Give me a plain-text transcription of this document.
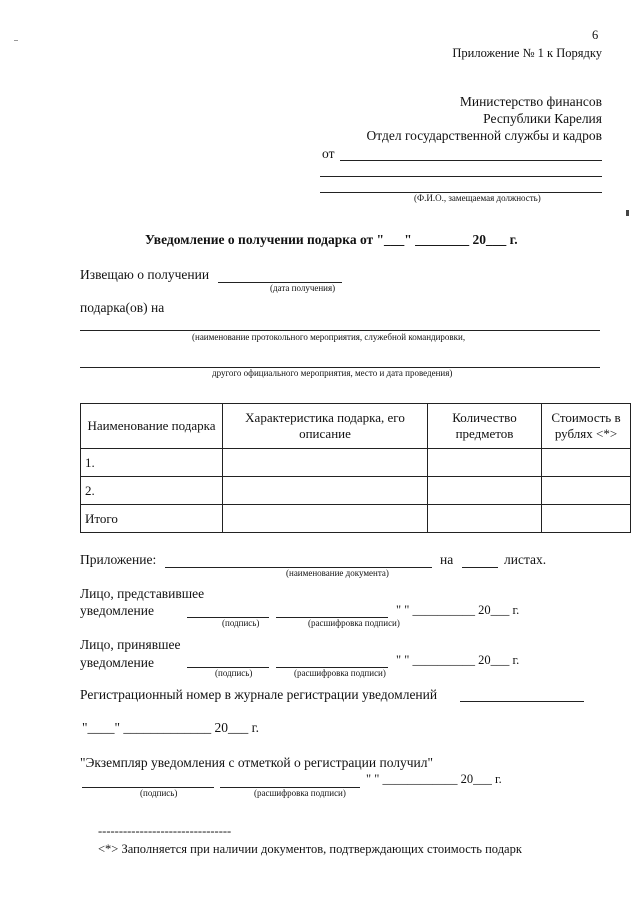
6
Приложение № 1 к Порядку
Министерство финансов
Республики Карелия
Отдел государственной службы и кадров
от
(Ф.И.О., замещаемая должность)
Уведомление о получении подарка от "___" ________ 20___ г.
Извещаю о получении
(дата получения)
подарка(ов) на
(наименование протокольного мероприятия, служебной командировки,
другого официального мероприятия, место и дата проведения)
Наименование подарка	Характеристика подарка, его описание	Количество предметов	Стоимость в рублях <*>
1.			
2.			
Итого			
Приложение:
(наименование документа)
на	листах.
Лицо, представившее
уведомление
(подпись)	(расшифровка подписи)
" " __________ 20___ г.
Лицо, принявшее
уведомление
(подпись)	(расшифровка подписи)
" " __________ 20___ г.
Регистрационный номер в журнале регистрации уведомлений
"____" _____________ 20___ г.
"Экземпляр уведомления с отметкой о регистрации получил"
(подпись)	(расшифровка подписи)
" " ____________ 20___ г.
--------------------------------
<*> Заполняется при наличии документов, подтверждающих стоимость подарк
